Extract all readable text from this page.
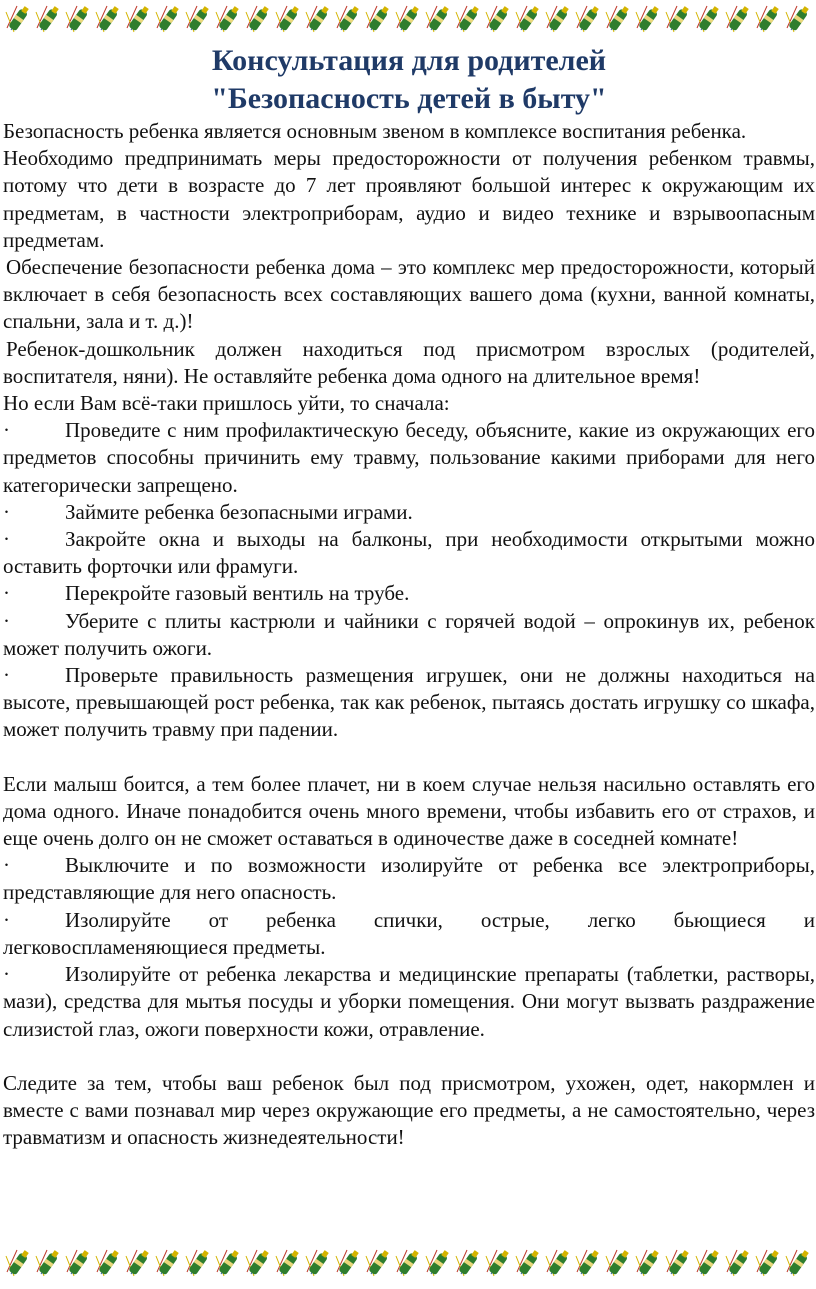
Консультация для родителей
"Безопасность детей в быту"

Безопасность ребенка является основным звеном в комплексе воспитания ребенка.

Необходимо предпринимать меры предосторожности от получения ребенком травмы, потому что дети в возрасте до 7 лет проявляют большой интерес к окружающим их предметам, в частности электроприборам, аудио и видео технике и взрывоопасным предметам.

Обеспечение безопасности ребенка дома – это комплекс мер предосторожности, который включает в себя безопасность всех составляющих вашего дома (кухни, ванной комнаты, спальни, зала и т. д.)!

Ребенок-дошкольник должен находиться под присмотром взрослых (родителей, воспитателя, няни). Не оставляйте ребенка дома одного на длительное время!

Но если Вам всё-таки пришлось уйти, то сначала:

·	Проведите с ним профилактическую беседу, объясните, какие из окружающих его предметов способны причинить ему травму, пользование какими приборами для него категорически запрещено.

·	Займите ребенка безопасными играми.

·	Закройте окна и выходы на балконы, при необходимости открытыми можно оставить форточки или фрамуги.

·	Перекройте газовый вентиль на трубе.

·	Уберите с плиты кастрюли и чайники с горячей водой – опрокинув их, ребенок может получить ожоги.

·	Проверьте правильность размещения игрушек, они не должны находиться на высоте, превышающей рост ребенка, так как ребенок, пытаясь достать игрушку со шкафа, может получить травму при падении.

Если малыш боится, а тем более плачет, ни в коем случае нельзя насильно оставлять его дома одного. Иначе понадобится очень много времени, чтобы избавить его от страхов, и еще очень долго он не сможет оставаться в одиночестве даже в соседней комнате!

·	Выключите и по возможности изолируйте от ребенка все электроприборы, представляющие для него опасность.

·	Изолируйте от ребенка спички, острые, легко бьющиеся и легковоспламеняющиеся предметы.

·	Изолируйте от ребенка лекарства и медицинские препараты (таблетки, растворы, мази), средства для мытья посуды и уборки помещения. Они могут вызвать раздражение слизистой глаз, ожоги поверхности кожи, отравление.

Следите за тем, чтобы ваш ребенок был под присмотром, ухожен, одет, накормлен и вместе с вами познавал мир через окружающие его предметы, а не самостоятельно, через травматизм и опасность жизнедеятельности!
